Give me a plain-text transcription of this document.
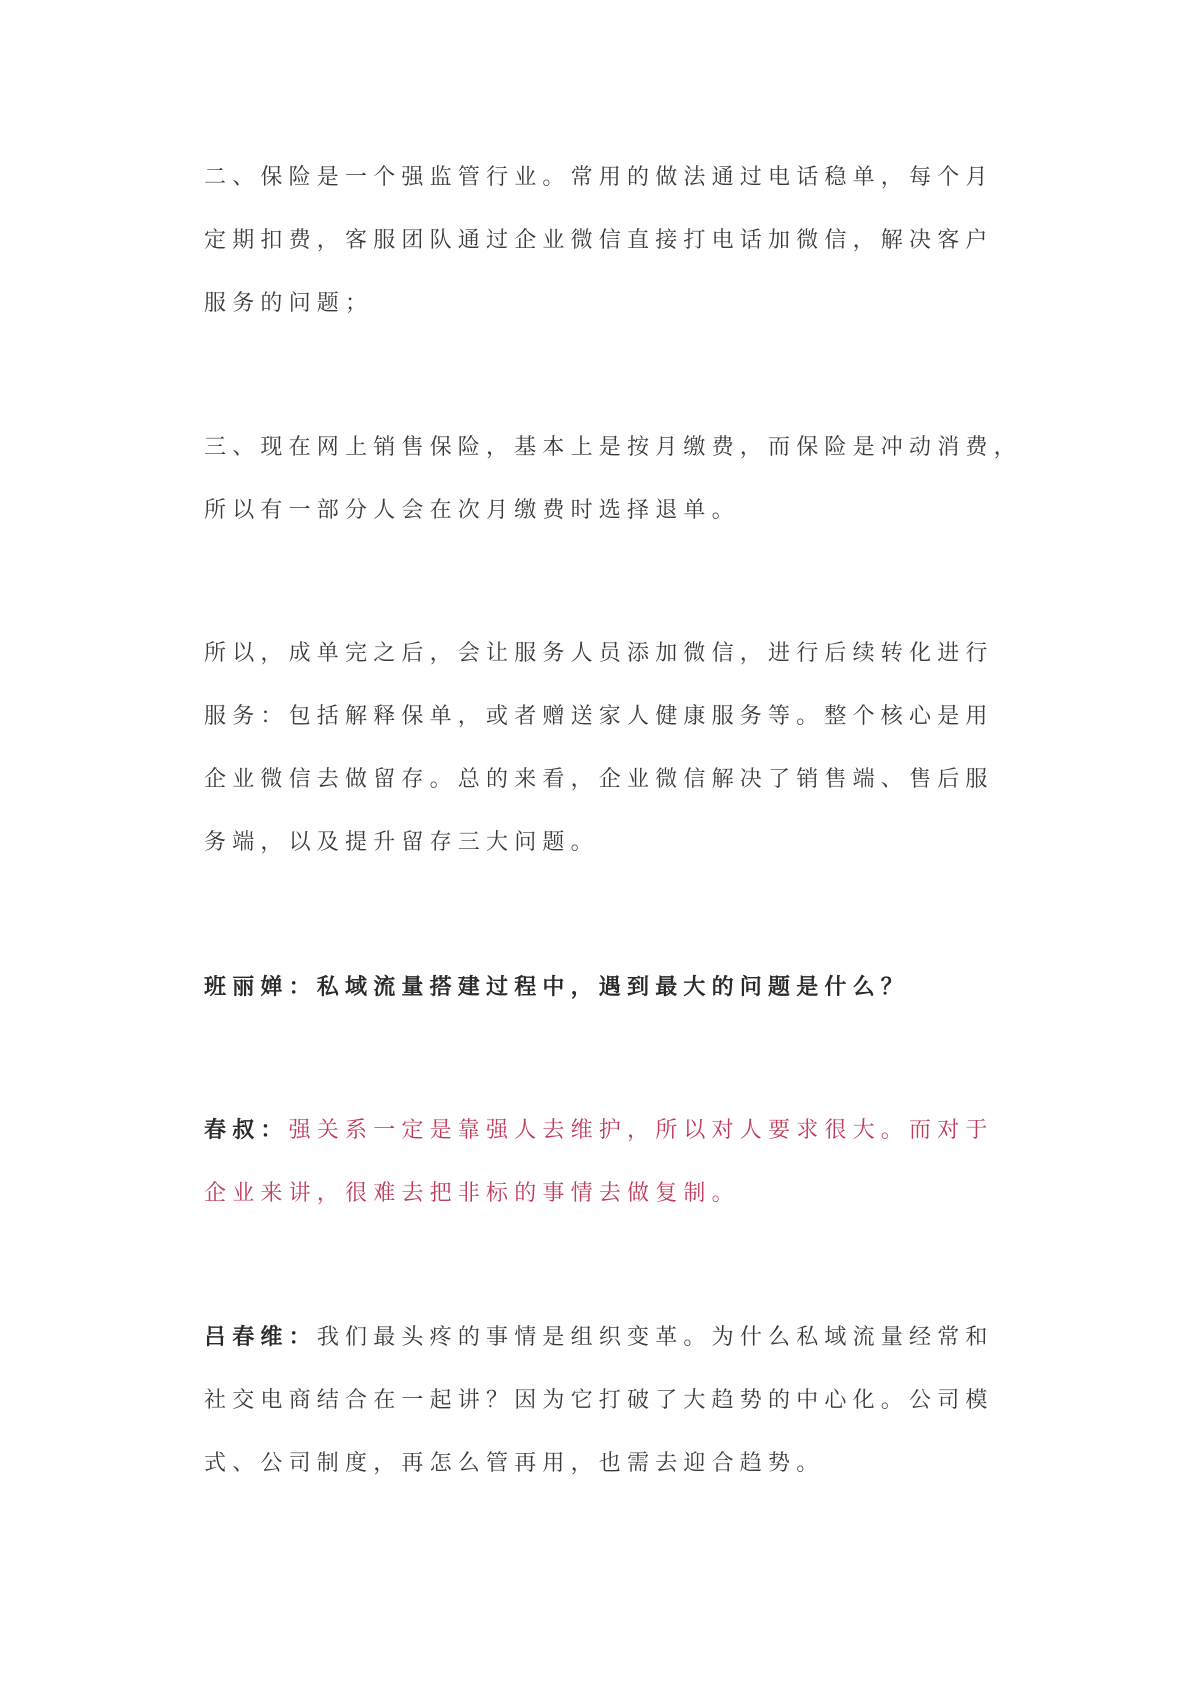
二、保险是一个强监管行业。常用的做法通过电话稳单，每个月
定期扣费，客服团队通过企业微信直接打电话加微信，解决客户
服务的问题；
三、现在网上销售保险，基本上是按月缴费，而保险是冲动消费，
所以有一部分人会在次月缴费时选择退单。
所以，成单完之后，会让服务人员添加微信，进行后续转化进行
服务：包括解释保单，或者赠送家人健康服务等。整个核心是用
企业微信去做留存。总的来看，企业微信解决了销售端、售后服
务端，以及提升留存三大问题。
班丽婵：私域流量搭建过程中，遇到最大的问题是什么？
春叔：强关系一定是靠强人去维护，所以对人要求很大。而对于
企业来讲，很难去把非标的事情去做复制。
吕春维：我们最头疼的事情是组织变革。为什么私域流量经常和
社交电商结合在一起讲？因为它打破了大趋势的中心化。公司模
式、公司制度，再怎么管再用，也需去迎合趋势。
